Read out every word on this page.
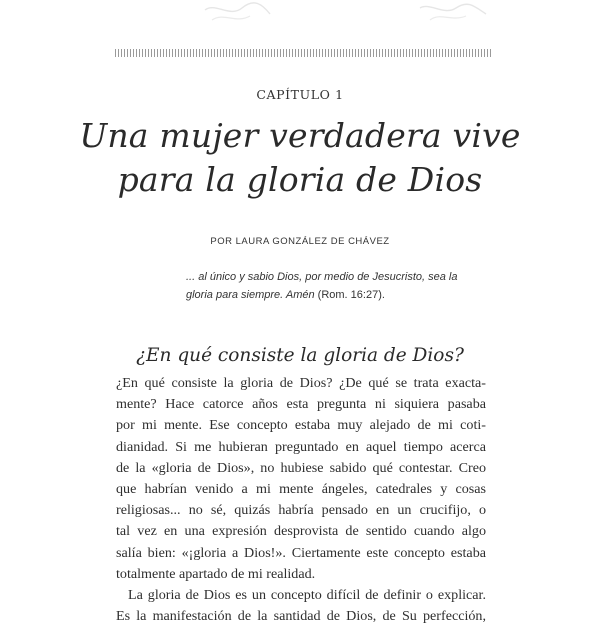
CAPÍTULO 1
Una mujer verdadera vive
para la gloria de Dios
POR LAURA GONZÁLEZ DE CHÁVEZ
... al único y sabio Dios, por medio de Jesucristo, sea la
gloria para siempre. Amén (Rom. 16:27).
¿En qué consiste la gloria de Dios?
¿En qué consiste la gloria de Dios? ¿De qué se trata exacta-
mente? Hace catorce años esta pregunta ni siquiera pasaba
por mi mente. Ese concepto estaba muy alejado de mi coti-
dianidad. Si me hubieran preguntado en aquel tiempo acerca
de la «gloria de Dios», no hubiese sabido qué contestar. Creo
que habrían venido a mi mente ángeles, catedrales y cosas
religiosas... no sé, quizás habría pensado en un crucifijo, o
tal vez en una expresión desprovista de sentido cuando algo
salía bien: «¡gloria a Dios!». Ciertamente este concepto estaba
totalmente apartado de mi realidad.
La gloria de Dios es un concepto difícil de definir o explicar.
Es la manifestación de la santidad de Dios, de Su perfección,
